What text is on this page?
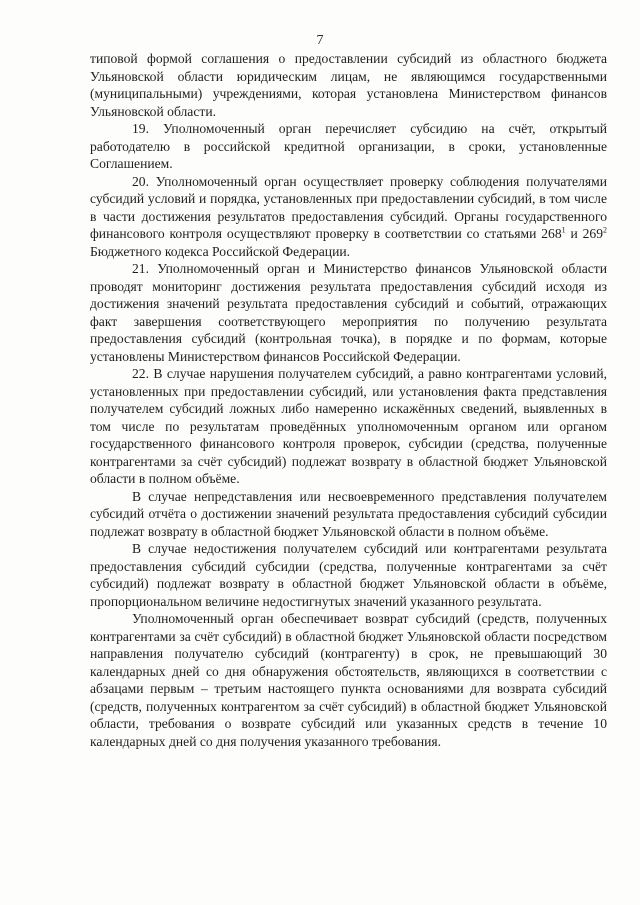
7

типовой формой соглашения о предоставлении субсидий из областного бюджета Ульяновской области юридическим лицам, не являющимся государственными (муниципальными) учреждениями, которая установлена Министерством финансов Ульяновской области.

19. Уполномоченный орган перечисляет субсидию на счёт, открытый работодателю в российской кредитной организации, в сроки, установленные Соглашением.

20. Уполномоченный орган осуществляет проверку соблюдения получателями субсидий условий и порядка, установленных при предоставлении субсидий, в том числе в части достижения результатов предоставления субсидий. Органы государственного финансового контроля осуществляют проверку в соответствии со статьями $268^1$ и $269^2$ Бюджетного кодекса Российской Федерации.

21. Уполномоченный орган и Министерство финансов Ульяновской области проводят мониторинг достижения результата предоставления субсидий исходя из достижения значений результата предоставления субсидий и событий, отражающих факт завершения соответствующего мероприятия по получению результата предоставления субсидий (контрольная точка), в порядке и по формам, которые установлены Министерством финансов Российской Федерации.

22. В случае нарушения получателем субсидий, а равно контрагентами условий, установленных при предоставлении субсидий, или установления факта представления получателем субсидий ложных либо намеренно искажённых сведений, выявленных в том числе по результатам проведённых уполномоченным органом или органом государственного финансового контроля проверок, субсидии (средства, полученные контрагентами за счёт субсидий) подлежат возврату в областной бюджет Ульяновской области в полном объёме.

В случае непредставления или несвоевременного представления получателем субсидий отчёта о достижении значений результата предоставления субсидий субсидии подлежат возврату в областной бюджет Ульяновской области в полном объёме.

В случае недостижения получателем субсидий или контрагентами результата предоставления субсидий субсидии (средства, полученные контрагентами за счёт субсидий) подлежат возврату в областной бюджет Ульяновской области в объёме, пропорциональном величине недостигнутых значений указанного результата.

Уполномоченный орган обеспечивает возврат субсидий (средств, полученных контрагентами за счёт субсидий) в областной бюджет Ульяновской области посредством направления получателю субсидий (контрагенту) в срок, не превышающий 30 календарных дней со дня обнаружения обстоятельств, являющихся в соответствии с абзацами первым – третьим настоящего пункта основаниями для возврата субсидий (средств, полученных контрагентом за счёт субсидий) в областной бюджет Ульяновской области, требования о возврате субсидий или указанных средств в течение 10 календарных дней со дня получения указанного требования.
